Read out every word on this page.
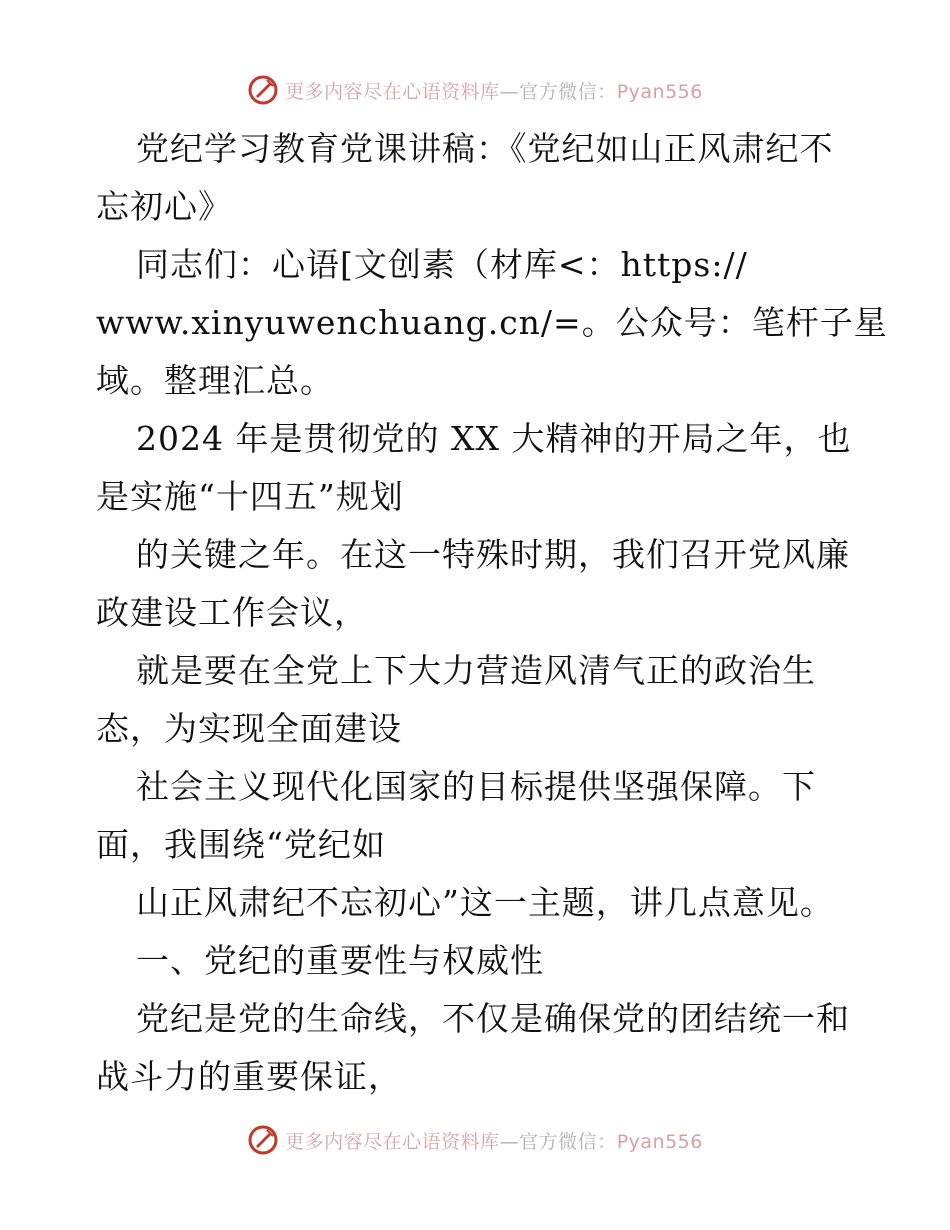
更多内容尽在心语资料库—官方微信：Pyan556
党纪学习教育党课讲稿：《党纪如山正风肃纪不
忘初心》
同志们：心语[文创素（材库<：https://
www.xinyuwenchuang.cn/=。公众号：笔杆子星
域。整理汇总。
2024 年是贯彻党的 XX 大精神的开局之年，也
是实施“十四五”规划
的关键之年。在这一特殊时期，我们召开党风廉
政建设工作会议，
就是要在全党上下大力营造风清气正的政治生
态，为实现全面建设
社会主义现代化国家的目标提供坚强保障。下
面，我围绕“党纪如
山正风肃纪不忘初心”这一主题，讲几点意见。
一、党纪的重要性与权威性
党纪是党的生命线，不仅是确保党的团结统一和
战斗力的重要保证，
更多内容尽在心语资料库—官方微信：Pyan556
